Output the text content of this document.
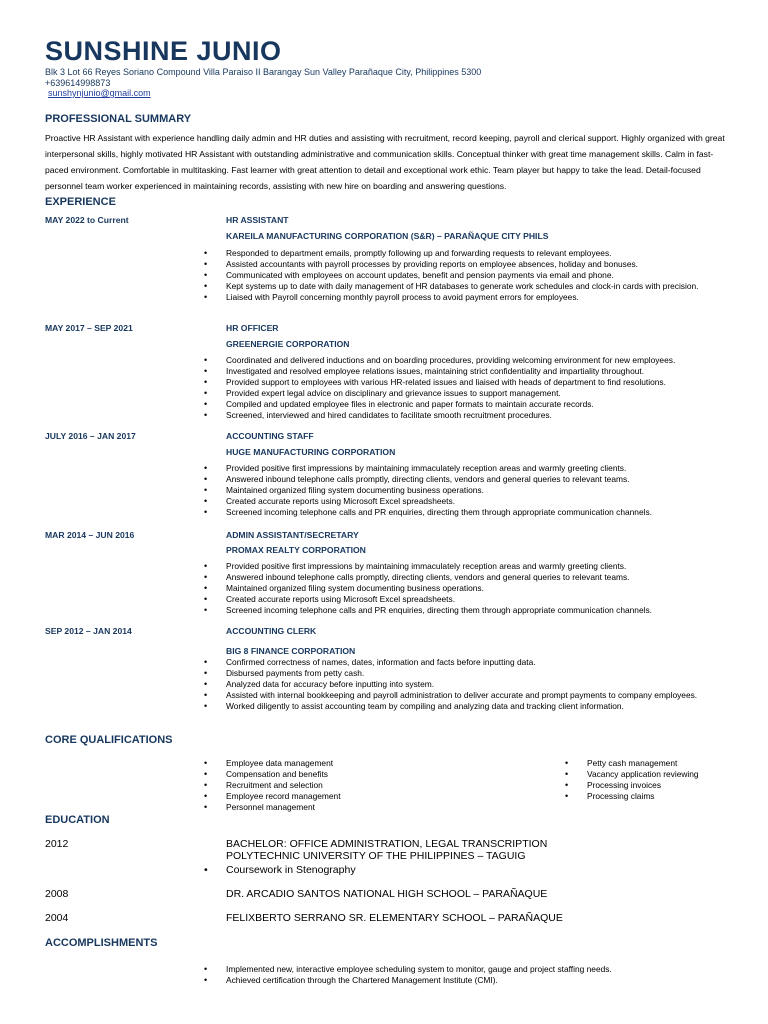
SUNSHINE JUNIO
Blk 3 Lot 66 Reyes Soriano Compound Villa Paraiso II Barangay Sun Valley Parañaque City, Philippines 5300
+639614998873
sunshynjunio@gmail.com
PROFESSIONAL SUMMARY
Proactive HR Assistant with experience handling daily admin and HR duties and assisting with recruitment, record keeping, payroll and clerical support. Highly organized with great interpersonal skills, highly motivated HR Assistant with outstanding administrative and communication skills. Conceptual thinker with great time management skills. Calm in fast-paced environment. Comfortable in multitasking. Fast learner with great attention to detail and exceptional work ethic. Team player but happy to take the lead. Detail-focused personnel team worker experienced in maintaining records, assisting with new hire on boarding and answering questions.
EXPERIENCE
MAY 2022 to Current	HR ASSISTANT
KAREILA MANUFACTURING CORPORATION (S&R) – PARAÑAQUE CITY PHILS
• Responded to department emails, promptly following up and forwarding requests to relevant employees.
• Assisted accountants with payroll processes by providing reports on employee absences, holiday and bonuses.
• Communicated with employees on account updates, benefit and pension payments via email and phone.
• Kept systems up to date with daily management of HR databases to generate work schedules and clock-in cards with precision.
• Liaised with Payroll concerning monthly payroll process to avoid payment errors for employees.
MAY 2017 – SEP 2021	HR OFFICER
GREENERGIE CORPORATION
• Coordinated and delivered inductions and on boarding procedures, providing welcoming environment for new employees.
• Investigated and resolved employee relations issues, maintaining strict confidentiality and impartiality throughout.
• Provided support to employees with various HR-related issues and liaised with heads of department to find resolutions.
• Provided expert legal advice on disciplinary and grievance issues to support management.
• Compiled and updated employee files in electronic and paper formats to maintain accurate records.
• Screened, interviewed and hired candidates to facilitate smooth recruitment procedures.
JULY 2016 – JAN 2017	ACCOUNTING STAFF
HUGE MANUFACTURING CORPORATION
• Provided positive first impressions by maintaining immaculately reception areas and warmly greeting clients.
• Answered inbound telephone calls promptly, directing clients, vendors and general queries to relevant teams.
• Maintained organized filing system documenting business operations.
• Created accurate reports using Microsoft Excel spreadsheets.
• Screened incoming telephone calls and PR enquiries, directing them through appropriate communication channels.
MAR 2014 – JUN 2016	ADMIN ASSISTANT/SECRETARY
PROMAX REALTY CORPORATION
• Provided positive first impressions by maintaining immaculately reception areas and warmly greeting clients.
• Answered inbound telephone calls promptly, directing clients, vendors and general queries to relevant teams.
• Maintained organized filing system documenting business operations.
• Created accurate reports using Microsoft Excel spreadsheets.
• Screened incoming telephone calls and PR enquiries, directing them through appropriate communication channels.
SEP 2012 – JAN 2014	ACCOUNTING CLERK
BIG 8 FINANCE CORPORATION
• Confirmed correctness of names, dates, information and facts before inputting data.
• Disbursed payments from petty cash.
• Analyzed data for accuracy before inputting into system.
• Assisted with internal bookkeeping and payroll administration to deliver accurate and prompt payments to company employees.
• Worked diligently to assist accounting team by compiling and analyzing data and tracking client information.
CORE QUALIFICATIONS
• Employee data management
• Compensation and benefits
• Recruitment and selection
• Employee record management
• Personnel management
• Petty cash management
• Vacancy application reviewing
• Processing invoices
• Processing claims
EDUCATION
2012	BACHELOR: OFFICE ADMINISTRATION, LEGAL TRANSCRIPTION
POLYTECHNIC UNIVERSITY OF THE PHILIPPINES – TAGUIG
• Coursework in Stenography
2008	DR. ARCADIO SANTOS NATIONAL HIGH SCHOOL – PARAÑAQUE
2004	FELIXBERTO SERRANO SR. ELEMENTARY SCHOOL – PARAÑAQUE
ACCOMPLISHMENTS
• Implemented new, interactive employee scheduling system to monitor, gauge and project staffing needs.
• Achieved certification through the Chartered Management Institute (CMI).
